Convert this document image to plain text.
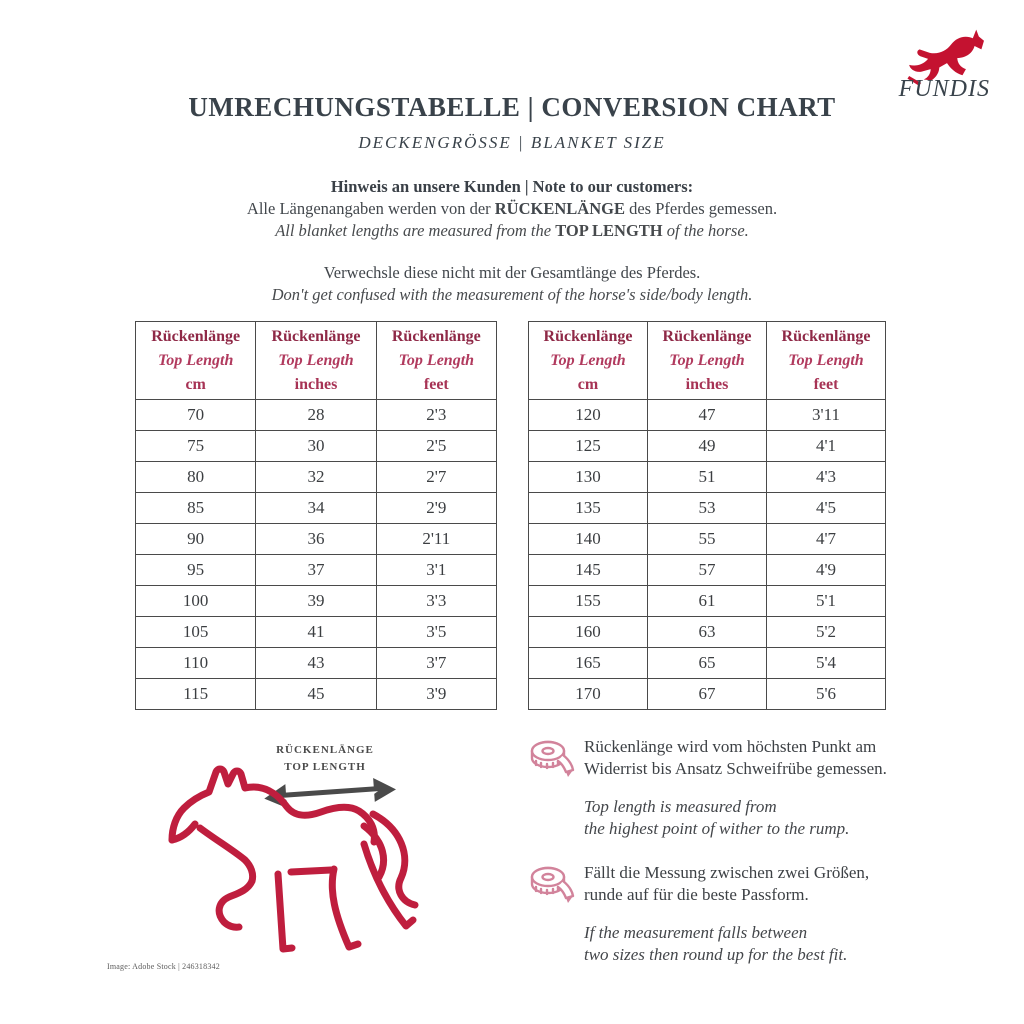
FUNDIS
UMRECHUNGSTABELLE | CONVERSION CHART
DECKENGRÖSSE | BLANKET SIZE
Hinweis an unsere Kunden | Note to our customers:
Alle Längenangaben werden von der RÜCKENLÄNGE des Pferdes gemessen.
All blanket lengths are measured from the TOP LENGTH of the horse.
Verwechsle diese nicht mit der Gesamtlänge des Pferdes.
Don't get confused with the measurement of the horse's side/body length.
Rückenlänge
Top Length
cm	Rückenlänge
Top Length
inches	Rückenlänge
Top Length
feet

70	28	2'3
75	30	2'5
80	32	2'7
85	34	2'9
90	36	2'11
95	37	3'1
100	39	3'3
105	41	3'5
110	43	3'7
115	45	3'9
Rückenlänge
Top Length
cm	Rückenlänge
Top Length
inches	Rückenlänge
Top Length
feet

120	47	3'11
125	49	4'1
130	51	4'3
135	53	4'5
140	55	4'7
145	57	4'9
155	61	5'1
160	63	5'2
165	65	5'4
170	67	5'6
RÜCKENLÄNGE
TOP LENGTH
Rückenlänge wird vom höchsten Punkt am
Widerrist bis Ansatz Schweifrübe gemessen.
Top length is measured from
the highest point of wither to the rump.
Fällt die Messung zwischen zwei Größen,
runde auf für die beste Passform.
If the measurement falls between
two sizes then round up for the best fit.
Image: Adobe Stock | 246318342
